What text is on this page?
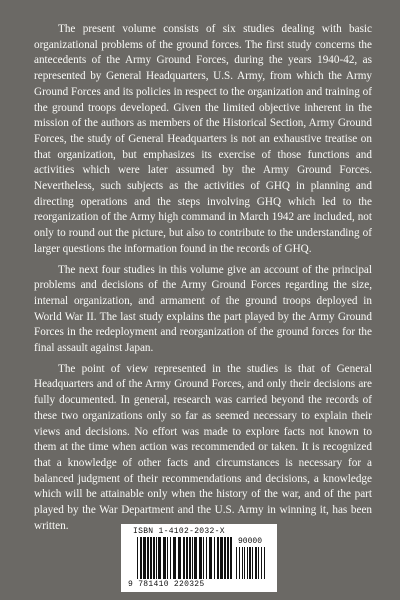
The present volume consists of six studies dealing with basic organizational problems of the ground forces. The first study concerns the antecedents of the Army Ground Forces, during the years 1940-42, as represented by General Headquarters, U.S. Army, from which the Army Ground Forces and its policies in respect to the organization and training of the ground troops developed. Given the limited objective inherent in the mission of the authors as members of the Historical Section, Army Ground Forces, the study of General Headquarters is not an exhaustive treatise on that organization, but emphasizes its exercise of those functions and activities which were later assumed by the Army Ground Forces. Nevertheless, such subjects as the activities of GHQ in planning and directing operations and the steps involving GHQ which led to the reorganization of the Army high command in March 1942 are included, not only to round out the picture, but also to contribute to the understanding of larger questions the information found in the records of GHQ.

The next four studies in this volume give an account of the principal problems and decisions of the Army Ground Forces regarding the size, internal organization, and armament of the ground troops deployed in World War II. The last study explains the part played by the Army Ground Forces in the redeployment and reorganization of the ground forces for the final assault against Japan.

The point of view represented in the studies is that of General Headquarters and of the Army Ground Forces, and only their decisions are fully documented. In general, research was carried beyond the records of these two organizations only so far as seemed necessary to explain their views and decisions. No effort was made to explore facts not known to them at the time when action was recommended or taken. It is recognized that a knowledge of other facts and circumstances is necessary for a balanced judgment of their recommendations and decisions, a knowledge which will be attainable only when the history of the war, and of the part played by the War Department and the U.S. Army in winning it, has been written.	ISBN 1-4102-2032-X
90000
9 781410 220325
